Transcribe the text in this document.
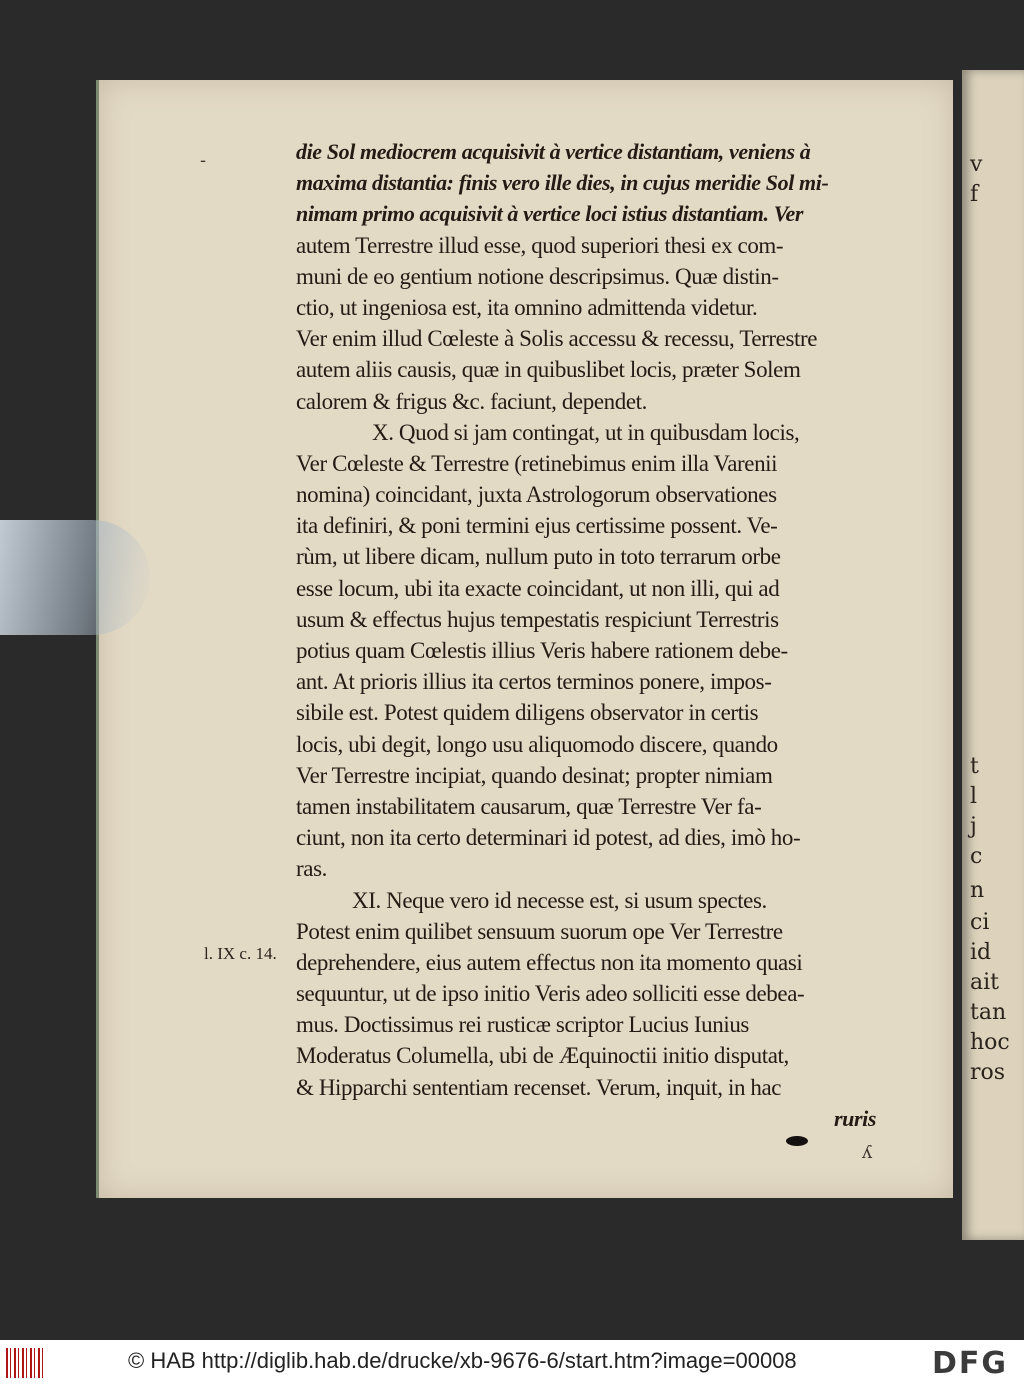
v
f
t
l
j
c
n
ci
id
ait
tan
hoc
ros
die Sol mediocrem acquisivit à vertice distantiam, veniens à
maxima distantia: finis vero ille dies, in cujus meridie Sol mi-
nimam primo acquisivit à vertice loci istius distantiam. Ver
autem Terrestre illud esse, quod superiori thesi ex com-
muni de eo gentium notione descripsimus. Quæ distin-
ctio, ut ingeniosa est, ita omnino admittenda videtur.
Ver enim illud Cœleste à Solis accessu & recessu, Terrestre
autem aliis causis, quæ in quibuslibet locis, præter Solem
calorem & frigus &c. faciunt, dependet.
X. Quod si jam contingat, ut in quibusdam locis,
Ver Cœleste & Terrestre (retinebimus enim illa Varenii
nomina) coincidant, juxta Astrologorum observationes
ita definiri, & poni termini ejus certissime possent. Ve-
rùm, ut libere dicam, nullum puto in toto terrarum orbe
esse locum, ubi ita exacte coincidant, ut non illi, qui ad
usum & effectus hujus tempestatis respiciunt Terrestris
potius quam Cœlestis illius Veris habere rationem debe-
ant. At prioris illius ita certos terminos ponere, impos-
sibile est. Potest quidem diligens observator in certis
locis, ubi degit, longo usu aliquomodo discere, quando
Ver Terrestre incipiat, quando desinat; propter nimiam
tamen instabilitatem causarum, quæ Terrestre Ver fa-
ciunt, non ita certo determinari id potest, ad dies, imò ho-
ras.
XI. Neque vero id necesse est, si usum spectes.
Potest enim quilibet sensuum suorum ope Ver Terrestre
deprehendere, eius autem effectus non ita momento quasi
sequuntur, ut de ipso initio Veris adeo solliciti esse debea-
mus. Doctissimus rei rusticæ scriptor Lucius Iunius
Moderatus Columella, ubi de Æquinoctii initio disputat,
& Hipparchi sententiam recenset. Verum, inquit, in hac
ruris
l. IX c. 14.
-
ʎ
© HAB http://diglib.hab.de/drucke/xb-9676-6/start.htm?image=00008	DFG
